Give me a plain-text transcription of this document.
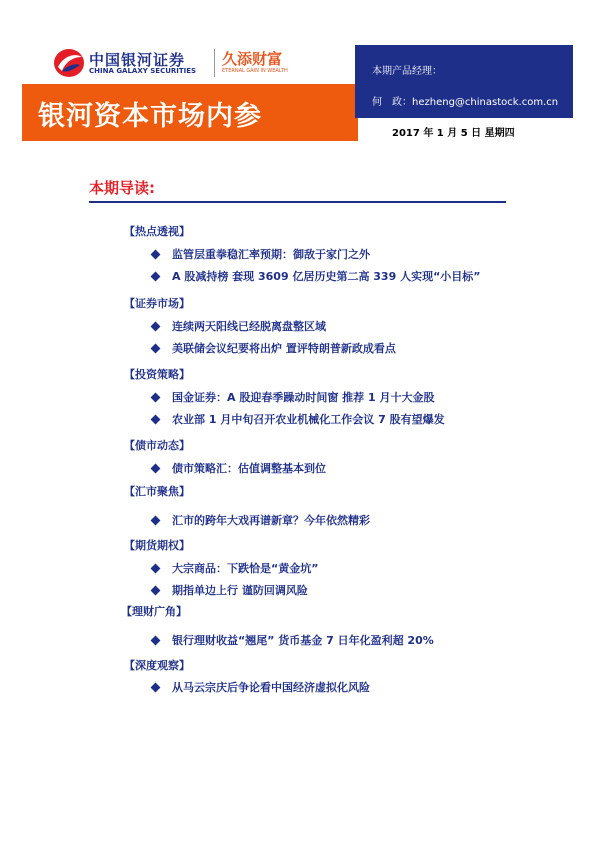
中国银河证券
CHINA GALAXY SECURITIES
久添财富
ETERNAL GAIN IN WEALTH
银河资本市场内参
本期产品经理：
何　政：hezheng@chinastock.com.cn
2017 年 1 月 5 日 星期四
本期导读:
【热点透视】
监管层重拳稳汇率预期：御敌于家门之外
A 股减持榜 套现 3609 亿居历史第二高 339 人实现“小目标”
【证券市场】
连续两天阳线已经脱离盘整区域
美联储会议纪要将出炉 置评特朗普新政成看点
【投资策略】
国金证券：A 股迎春季躁动时间窗 推荐 1 月十大金股
农业部 1 月中旬召开农业机械化工作会议 7 股有望爆发
【债市动态】
债市策略汇：估值调整基本到位
【汇市聚焦】
汇市的跨年大戏再谱新章？今年依然精彩
【期货期权】
大宗商品：下跌恰是“黄金坑”
期指单边上行 谨防回调风险
【理财广角】
银行理财收益“翘尾” 货币基金 7 日年化盈利超 20%
【深度观察】
从马云宗庆后争论看中国经济虚拟化风险
